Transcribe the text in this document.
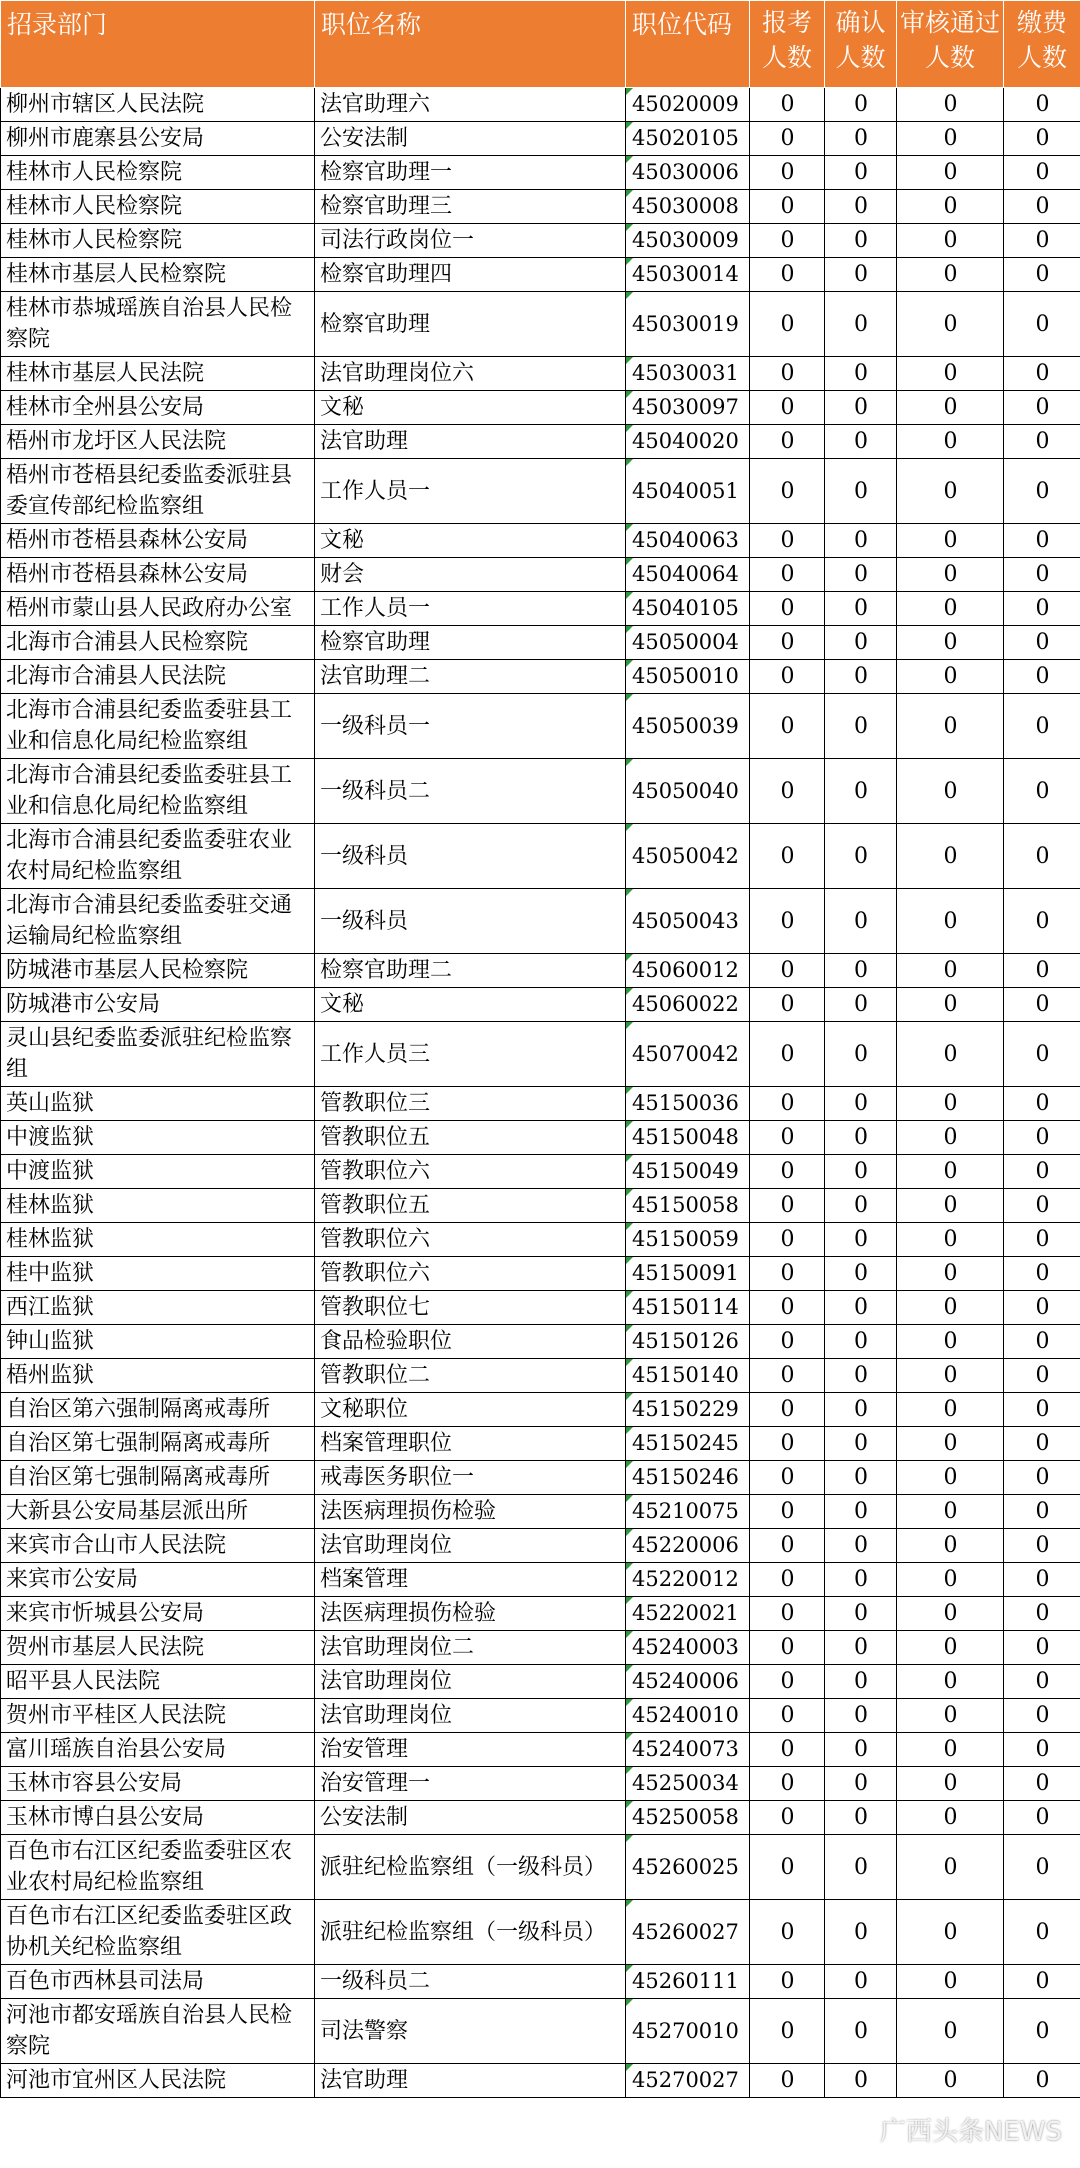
招录部门	职位名称	职位代码	报考人数	确认人数	审核通过人数	缴费人数
柳州市辖区人民法院	法官助理六	45020009	0	0	0	0
柳州市鹿寨县公安局	公安法制	45020105	0	0	0	0
桂林市人民检察院	检察官助理一	45030006	0	0	0	0
桂林市人民检察院	检察官助理三	45030008	0	0	0	0
桂林市人民检察院	司法行政岗位一	45030009	0	0	0	0
桂林市基层人民检察院	检察官助理四	45030014	0	0	0	0
桂林市恭城瑶族自治县人民检察院	检察官助理	45030019	0	0	0	0
桂林市基层人民法院	法官助理岗位六	45030031	0	0	0	0
桂林市全州县公安局	文秘	45030097	0	0	0	0
梧州市龙圩区人民法院	法官助理	45040020	0	0	0	0
梧州市苍梧县纪委监委派驻县委宣传部纪检监察组	工作人员一	45040051	0	0	0	0
梧州市苍梧县森林公安局	文秘	45040063	0	0	0	0
梧州市苍梧县森林公安局	财会	45040064	0	0	0	0
梧州市蒙山县人民政府办公室	工作人员一	45040105	0	0	0	0
北海市合浦县人民检察院	检察官助理	45050004	0	0	0	0
北海市合浦县人民法院	法官助理二	45050010	0	0	0	0
北海市合浦县纪委监委驻县工业和信息化局纪检监察组	一级科员一	45050039	0	0	0	0
北海市合浦县纪委监委驻县工业和信息化局纪检监察组	一级科员二	45050040	0	0	0	0
北海市合浦县纪委监委驻农业农村局纪检监察组	一级科员	45050042	0	0	0	0
北海市合浦县纪委监委驻交通运输局纪检监察组	一级科员	45050043	0	0	0	0
防城港市基层人民检察院	检察官助理二	45060012	0	0	0	0
防城港市公安局	文秘	45060022	0	0	0	0
灵山县纪委监委派驻纪检监察组	工作人员三	45070042	0	0	0	0
英山监狱	管教职位三	45150036	0	0	0	0
中渡监狱	管教职位五	45150048	0	0	0	0
中渡监狱	管教职位六	45150049	0	0	0	0
桂林监狱	管教职位五	45150058	0	0	0	0
桂林监狱	管教职位六	45150059	0	0	0	0
桂中监狱	管教职位六	45150091	0	0	0	0
西江监狱	管教职位七	45150114	0	0	0	0
钟山监狱	食品检验职位	45150126	0	0	0	0
梧州监狱	管教职位二	45150140	0	0	0	0
自治区第六强制隔离戒毒所	文秘职位	45150229	0	0	0	0
自治区第七强制隔离戒毒所	档案管理职位	45150245	0	0	0	0
自治区第七强制隔离戒毒所	戒毒医务职位一	45150246	0	0	0	0
大新县公安局基层派出所	法医病理损伤检验	45210075	0	0	0	0
来宾市合山市人民法院	法官助理岗位	45220006	0	0	0	0
来宾市公安局	档案管理	45220012	0	0	0	0
来宾市忻城县公安局	法医病理损伤检验	45220021	0	0	0	0
贺州市基层人民法院	法官助理岗位二	45240003	0	0	0	0
昭平县人民法院	法官助理岗位	45240006	0	0	0	0
贺州市平桂区人民法院	法官助理岗位	45240010	0	0	0	0
富川瑶族自治县公安局	治安管理	45240073	0	0	0	0
玉林市容县公安局	治安管理一	45250034	0	0	0	0
玉林市博白县公安局	公安法制	45250058	0	0	0	0
百色市右江区纪委监委驻区农业农村局纪检监察组	派驻纪检监察组（一级科员）	45260025	0	0	0	0
百色市右江区纪委监委驻区政协机关纪检监察组	派驻纪检监察组（一级科员）	45260027	0	0	0	0
百色市西林县司法局	一级科员二	45260111	0	0	0	0
河池市都安瑶族自治县人民检察院	司法警察	45270010	0	0	0	0
河池市宜州区人民法院	法官助理	45270027	0	0	0	0
广西头条NEWS
